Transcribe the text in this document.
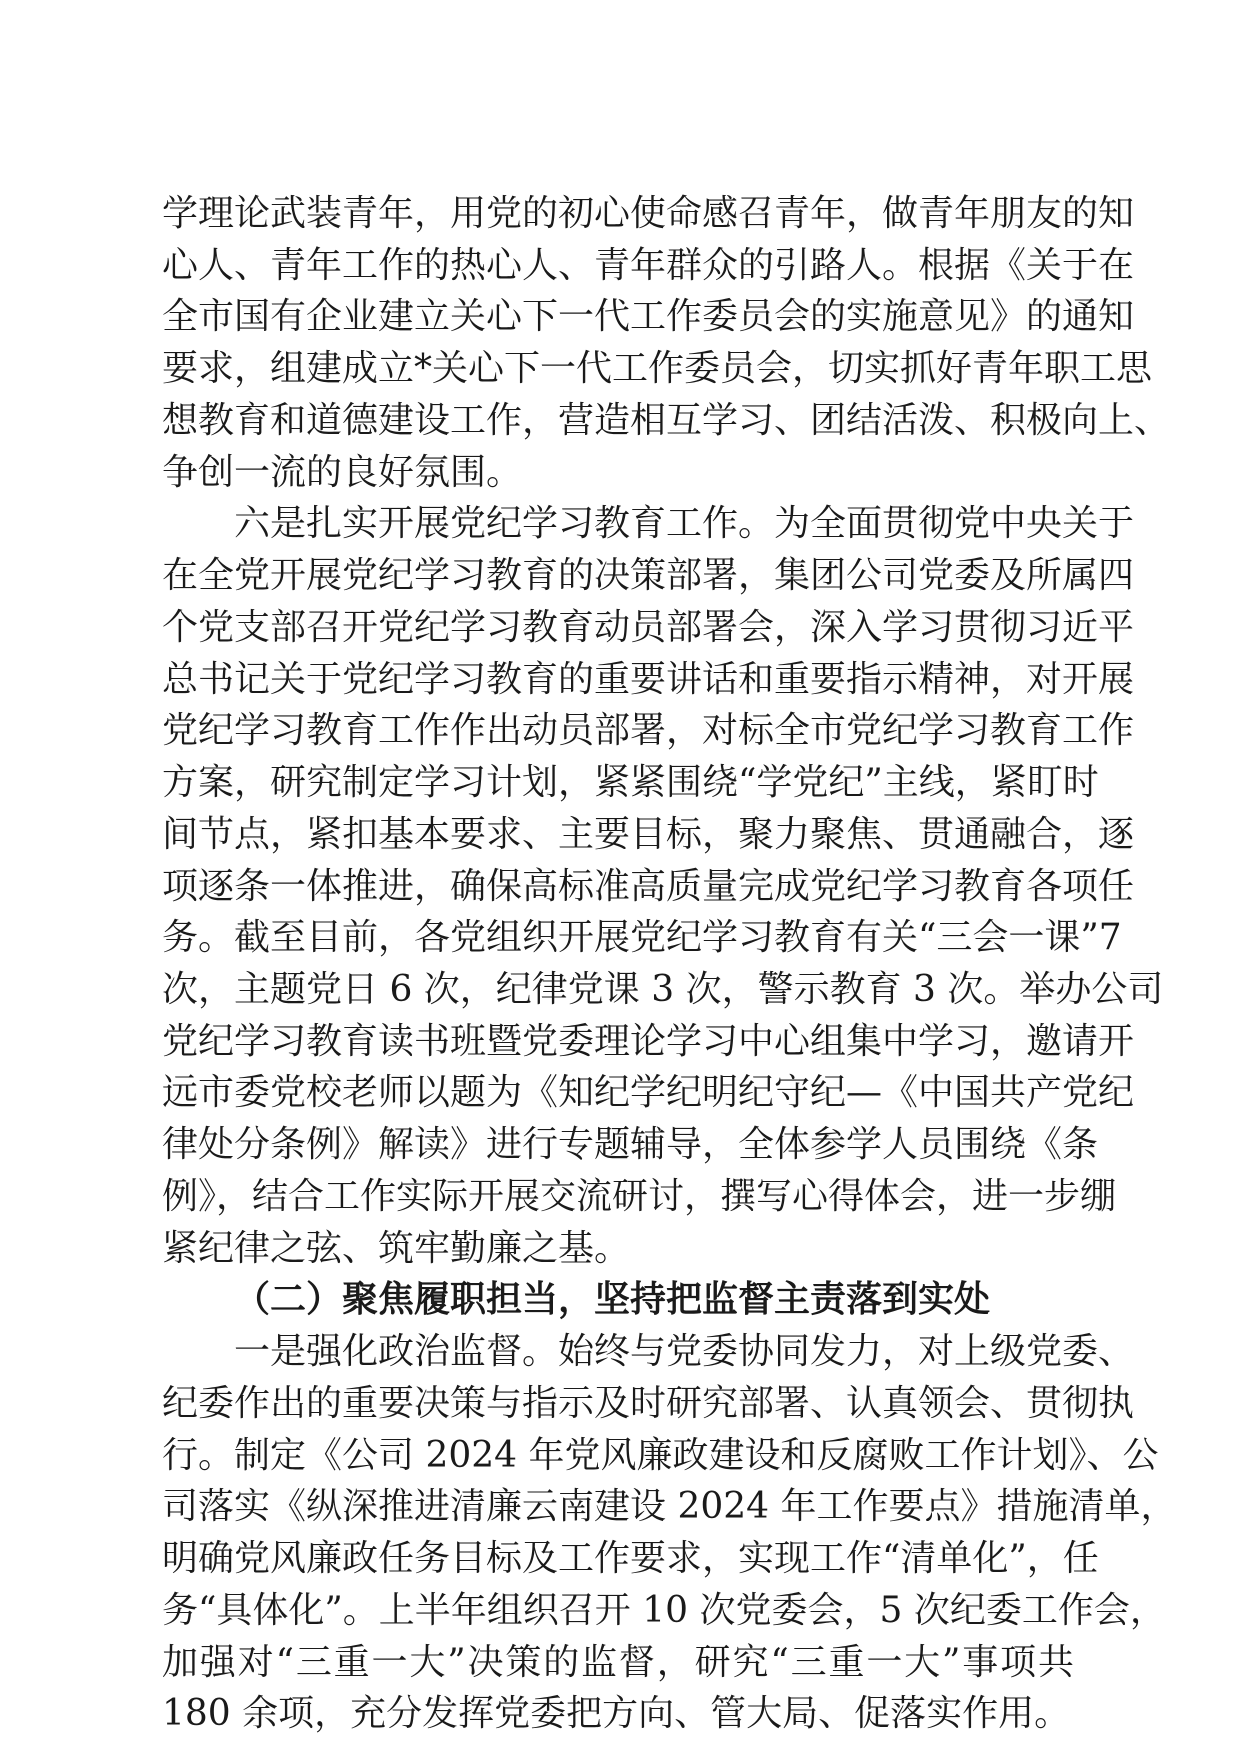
学理论武装青年，用党的初心使命感召青年，做青年朋友的知
心人、青年工作的热心人、青年群众的引路人。根据《关于在
全市国有企业建立关心下一代工作委员会的实施意见》的通知
要求，组建成立*关心下一代工作委员会，切实抓好青年职工思
想教育和道德建设工作，营造相互学习、团结活泼、积极向上、
争创一流的良好氛围。
六是扎实开展党纪学习教育工作。为全面贯彻党中央关于
在全党开展党纪学习教育的决策部署，集团公司党委及所属四
个党支部召开党纪学习教育动员部署会，深入学习贯彻习近平
总书记关于党纪学习教育的重要讲话和重要指示精神，对开展
党纪学习教育工作作出动员部署，对标全市党纪学习教育工作
方案，研究制定学习计划，紧紧围绕“学党纪”主线，紧盯时
间节点，紧扣基本要求、主要目标，聚力聚焦、贯通融合，逐
项逐条一体推进，确保高标准高质量完成党纪学习教育各项任
务。截至目前，各党组织开展党纪学习教育有关“三会一课”7
次，主题党日 6 次，纪律党课 3 次，警示教育 3 次。举办公司
党纪学习教育读书班暨党委理论学习中心组集中学习，邀请开
远市委党校老师以题为《知纪学纪明纪守纪—《中国共产党纪
律处分条例》解读》进行专题辅导，全体参学人员围绕《条
例》，结合工作实际开展交流研讨，撰写心得体会，进一步绷
紧纪律之弦、筑牢勤廉之基。
（二）聚焦履职担当，坚持把监督主责落到实处
一是强化政治监督。始终与党委协同发力，对上级党委、
纪委作出的重要决策与指示及时研究部署、认真领会、贯彻执
行。制定《公司 2024 年党风廉政建设和反腐败工作计划》、公
司落实《纵深推进清廉云南建设 2024 年工作要点》措施清单，
明确党风廉政任务目标及工作要求，实现工作“清单化”，任
务“具体化”。上半年组织召开 10 次党委会，5 次纪委工作会，
加强对“三重一大”决策的监督，研究“三重一大”事项共
180 余项，充分发挥党委把方向、管大局、促落实作用。
